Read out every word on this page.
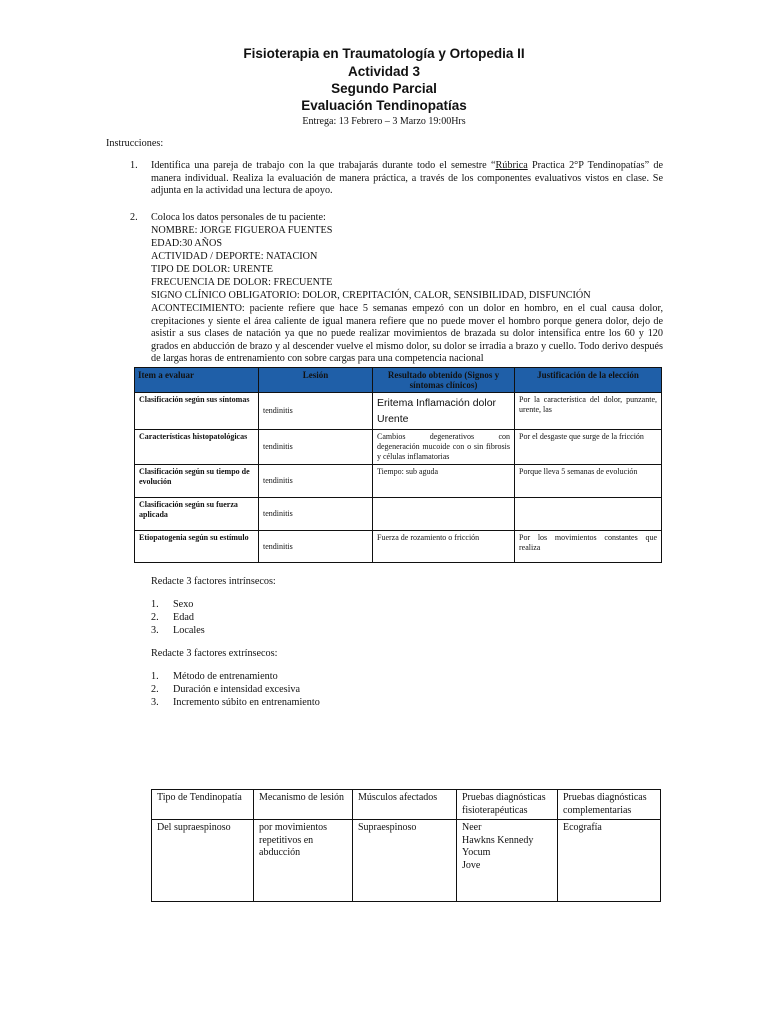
Fisioterapia en Traumatología y Ortopedia II
Actividad 3
Segundo Parcial
Evaluación Tendinopatías
Entrega: 13 Febrero – 3 Marzo 19:00Hrs
Instrucciones:
1. Identifica una pareja de trabajo con la que trabajarás durante todo el semestre “Rúbrica Practica 2°P Tendinopatías” de manera individual. Realiza la evaluación de manera práctica, a través de los componentes evaluativos vistos en clase. Se adjunta en la actividad una lectura de apoyo.
2. Coloca los datos personales de tu paciente:
NOMBRE: JORGE FIGUEROA FUENTES
EDAD:30 AÑOS
ACTIVIDAD / DEPORTE: NATACION
TIPO DE DOLOR: URENTE
FRECUENCIA DE DOLOR: FRECUENTE
SIGNO CLÍNICO OBLIGATORIO: DOLOR, CREPITACIÓN, CALOR, SENSIBILIDAD, DISFUNCIÓN
ACONTECIMIENTO: paciente refiere que hace 5 semanas empezó con un dolor en hombro, en el cual causa dolor, crepitaciones y siente el área caliente de igual manera refiere que no puede mover el hombro porque genera dolor, dejo de asistir a sus clases de natación ya que no puede realizar movimientos de brazada su dolor intensifica entre los 60 y 120 grados en abducción de brazo y al descender vuelve el mismo dolor, su dolor se irradia a brazo y cuello. Todo derivo después de largas horas de entrenamiento con sobre cargas para una competencia nacional
Item a evaluar	Lesión	Resultado obtenido (Signos y síntomas clínicos)	Justificación de la elección
Clasificación según sus síntomas	tendinitis	Eritema Inflamación dolor Urente	Por la característica del dolor, punzante, urente, las
Características histopatológicas	tendinitis	Cambios degenerativos con degeneración mucoide con o sin fibrosis y células inflamatorias	Por el desgaste que surge de la fricción
Clasificación según su tiempo de evolución	tendinitis	Tiempo: sub aguda	Porque lleva 5 semanas de evolución
Clasificación según su fuerza aplicada	tendinitis		
Etiopatogenia según su estímulo	tendinitis	Fuerza de rozamiento o fricción	Por los movimientos constantes que realiza
Redacte 3 factores intrínsecos:
1. Sexo
2. Edad
3. Locales
Redacte 3 factores extrínsecos:
1. Método de entrenamiento
2. Duración e intensidad excesiva
3. Incremento súbito en entrenamiento
Tipo de Tendinopatía	Mecanismo de lesión	Músculos afectados	Pruebas diagnósticas fisioterapéuticas	Pruebas diagnósticas complementarias
Del supraespinoso	por movimientos repetitivos en abducción	Supraespinoso	Neer
Hawkns Kennedy
Yocum
Jove	Ecografía
